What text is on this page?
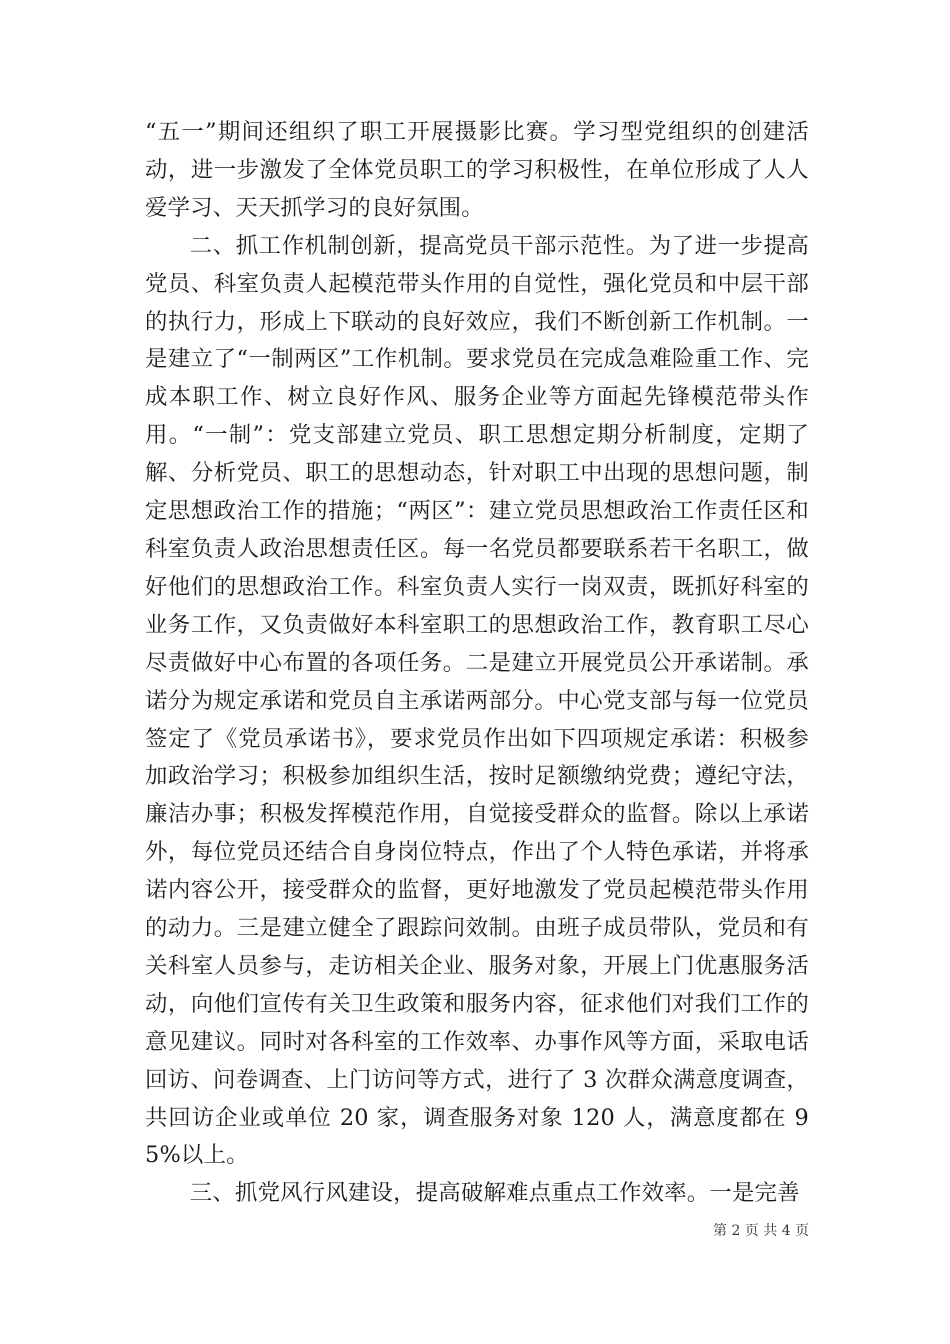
“五一”期间还组织了职工开展摄影比赛。学习型党组织的创建活动，进一步激发了全体党员职工的学习积极性，在单位形成了人人爱学习、天天抓学习的良好氛围。

二、抓工作机制创新，提高党员干部示范性。为了进一步提高党员、科室负责人起模范带头作用的自觉性，强化党员和中层干部的执行力，形成上下联动的良好效应，我们不断创新工作机制。一是建立了“一制两区”工作机制。要求党员在完成急难险重工作、完成本职工作、树立良好作风、服务企业等方面起先锋模范带头作用。“一制”：党支部建立党员、职工思想定期分析制度，定期了解、分析党员、职工的思想动态，针对职工中出现的思想问题，制定思想政治工作的措施；“两区”：建立党员思想政治工作责任区和科室负责人政治思想责任区。每一名党员都要联系若干名职工，做好他们的思想政治工作。科室负责人实行一岗双责，既抓好科室的业务工作，又负责做好本科室职工的思想政治工作，教育职工尽心尽责做好中心布置的各项任务。二是建立开展党员公开承诺制。承诺分为规定承诺和党员自主承诺两部分。中心党支部与每一位党员签定了《党员承诺书》，要求党员作出如下四项规定承诺：积极参加政治学习；积极参加组织生活，按时足额缴纳党费；遵纪守法，廉洁办事；积极发挥模范作用，自觉接受群众的监督。除以上承诺外，每位党员还结合自身岗位特点，作出了个人特色承诺，并将承诺内容公开，接受群众的监督，更好地激发了党员起模范带头作用的动力。三是建立健全了跟踪问效制。由班子成员带队，党员和有关科室人员参与，走访相关企业、服务对象，开展上门优惠服务活动，向他们宣传有关卫生政策和服务内容，征求他们对我们工作的意见建议。同时对各科室的工作效率、办事作风等方面，采取电话回访、问卷调查、上门访问等方式，进行了 3 次群众满意度调查，共回访企业或单位 20 家，调查服务对象 120 人，满意度都在 95%以上。

三、抓党风行风建设，提高破解难点重点工作效率。一是完善

第 2 页 共 4 页
